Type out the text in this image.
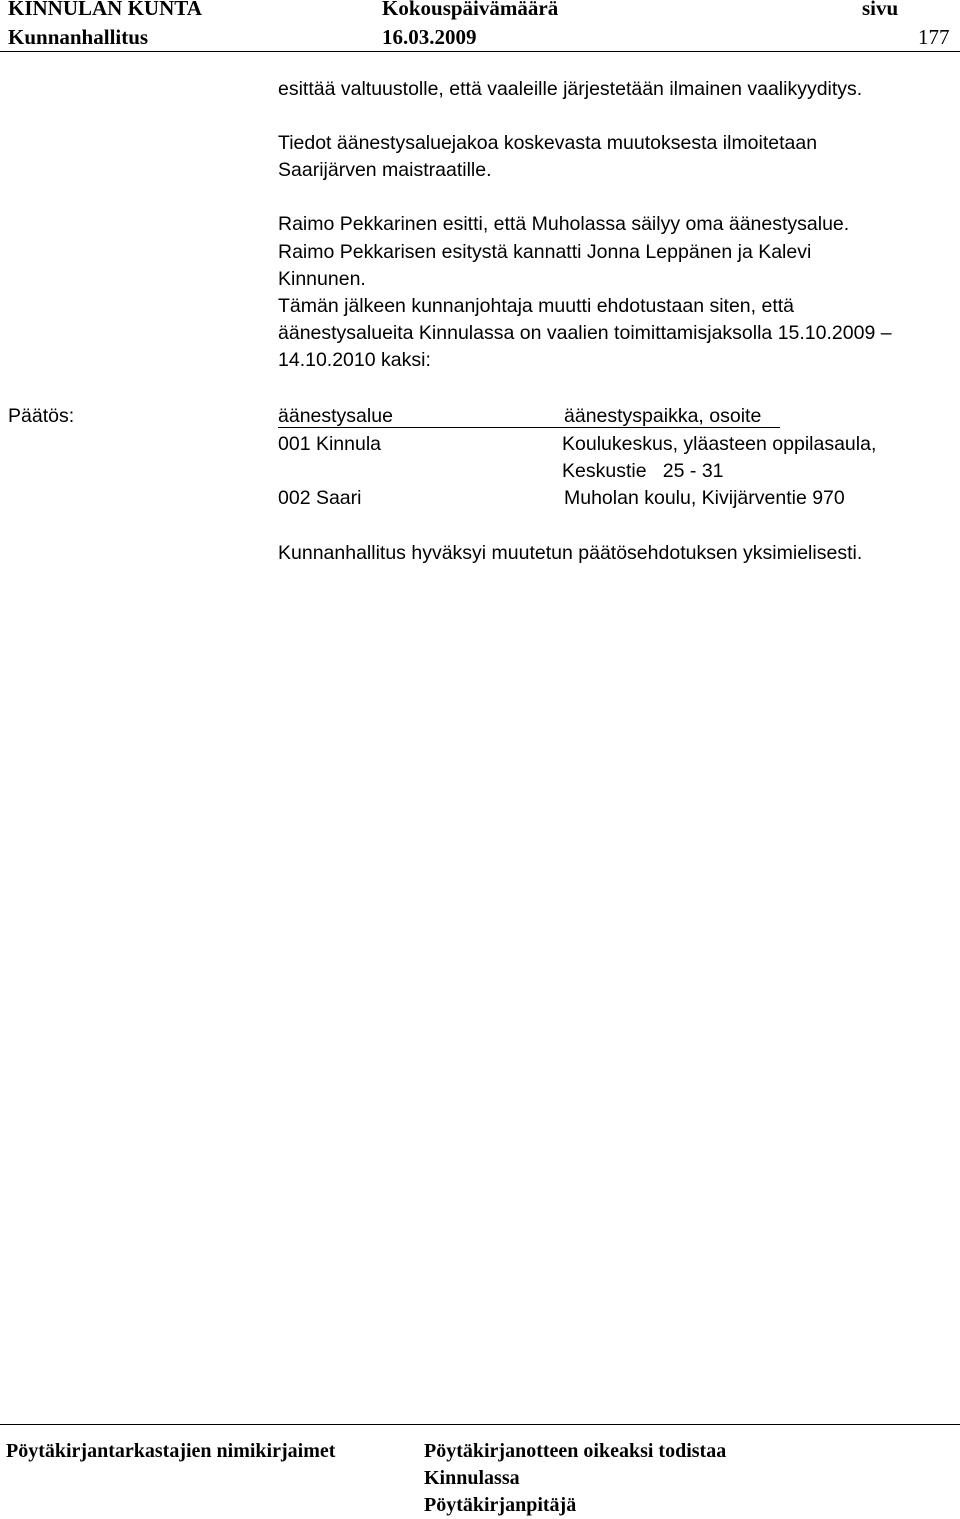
KINNULAN KUNTA	Kokouspäivämäärä	sivu
Kunnanhallitus	16.03.2009	177
esittää valtuustolle, että vaaleille järjestetään ilmainen vaalikyyditys.
Tiedot äänestysaluejakoa koskevasta muutoksesta ilmoitetaan
Saarijärven maistraatille.
Raimo Pekkarinen esitti, että Muholassa säilyy oma äänestysalue.
Raimo Pekkarisen esitystä kannatti Jonna Leppänen ja Kalevi
Kinnunen.
Tämän jälkeen kunnanjohtaja muutti ehdotustaan siten, että
äänestysalueita Kinnulassa on vaalien toimittamisjaksolla 15.10.2009 –
14.10.2010 kaksi:
Päätös:	äänestysalue	äänestyspaikka, osoite
001 Kinnula	Koulukeskus, yläasteen oppilasaula,
Keskustie   25 - 31
002 Saari	Muholan koulu, Kivijärventie 970
Kunnanhallitus hyväksyi muutetun päätösehdotuksen yksimielisesti.
Pöytäkirjantarkastajien nimikirjaimet	Pöytäkirjanotteen oikeaksi todistaa
Kinnulassa
Pöytäkirjanpitäjä
